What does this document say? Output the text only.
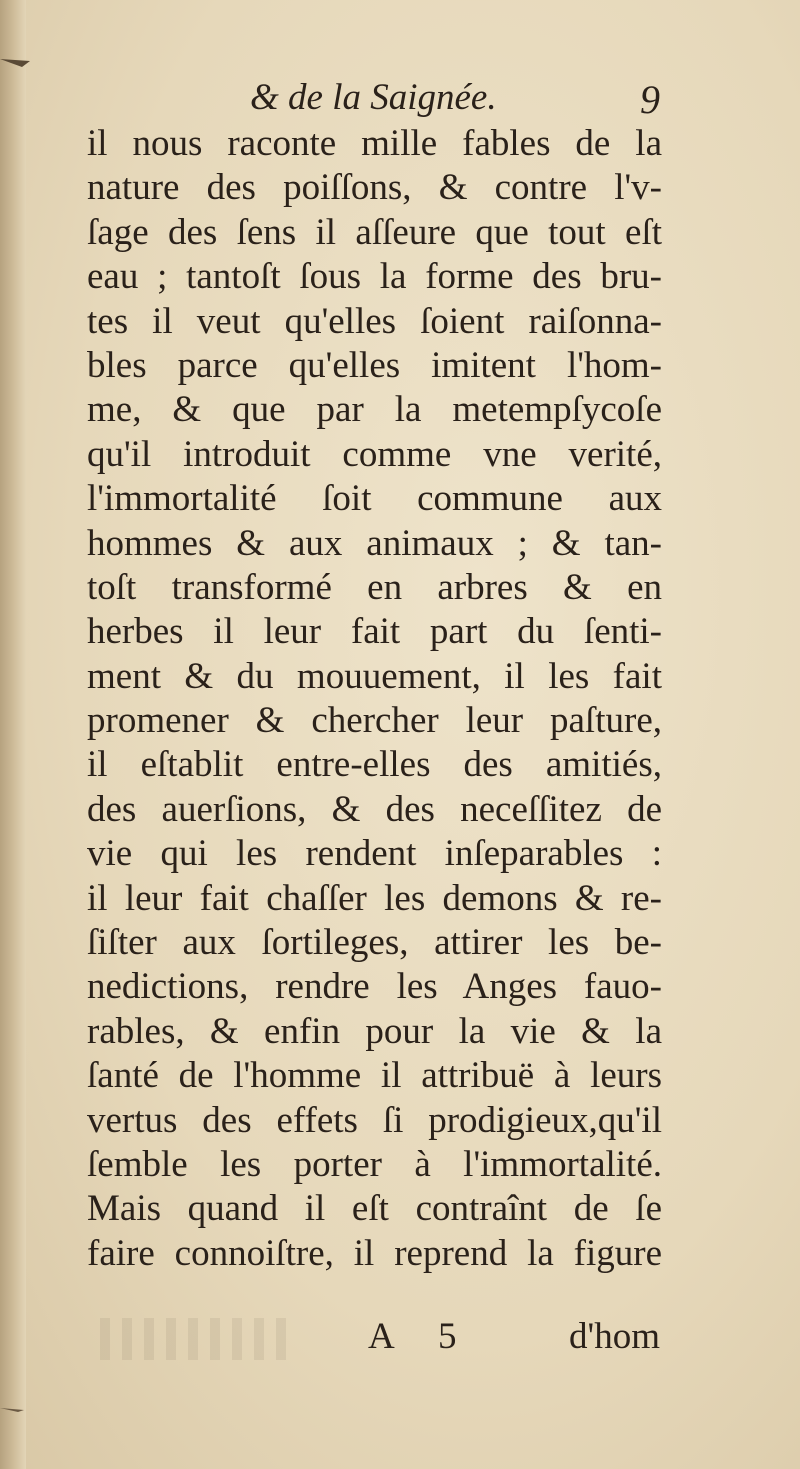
& de la Saignée.	9
il nous raconte mille fables de la
nature des poiſſons, & contre l'v-
ſage des ſens il aſſeure que tout eſt
eau ; tantoſt ſous la forme des bru-
tes il veut qu'elles ſoient raiſonna-
bles parce qu'elles imitent l'hom-
me, & que par la metempſycoſe
qu'il introduit comme vne verité,
l'immortalité ſoit commune aux
hommes & aux animaux ; & tan-
toſt transformé en arbres & en
herbes il leur fait part du ſenti-
ment & du mouuement, il les fait
promener & chercher leur paſture,
il eſtablit entre-elles des amitiés,
des auerſions, & des neceſſitez de
vie qui les rendent inſeparables :
il leur fait chaſſer les demons & re-
ſiſter aux ſortileges, attirer les be-
nedictions, rendre les Anges fauo-
rables, & enfin pour la vie & la
ſanté de l'homme il attribuë à leurs
vertus des effets ſi prodigieux,qu'il
ſemble les porter à l'immortalité.
Mais quand il eſt contraînt de ſe
faire connoiſtre, il reprend la figure
A 5	d'hom
